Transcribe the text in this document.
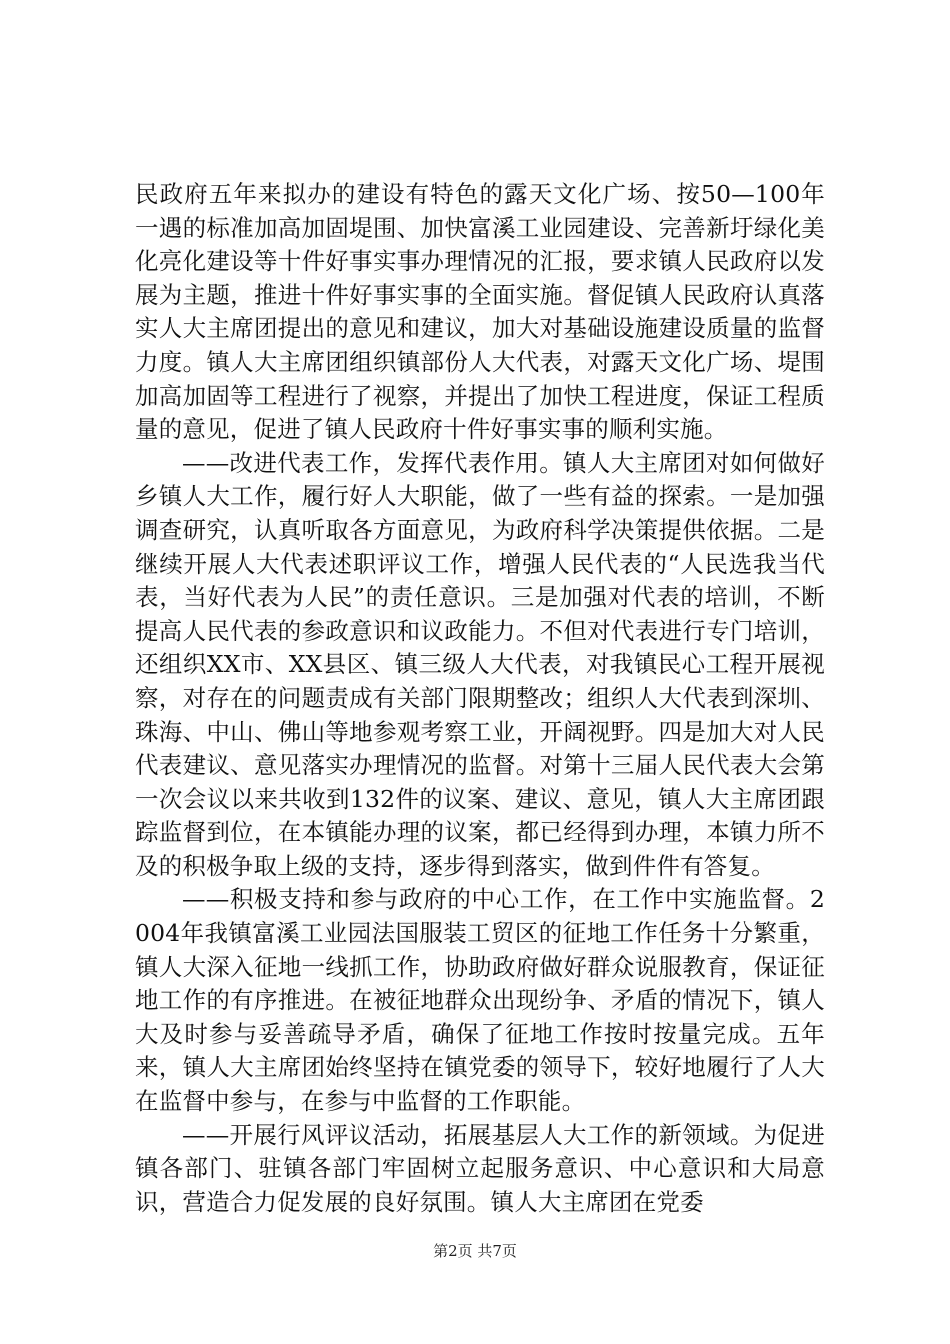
民政府五年来拟办的建设有特色的露天文化广场、按50—100年一遇的标准加高加固堤围、加快富溪工业园建设、完善新圩绿化美化亮化建设等十件好事实事办理情况的汇报，要求镇人民政府以发展为主题，推进十件好事实事的全面实施。督促镇人民政府认真落实人大主席团提出的意见和建议，加大对基础设施建设质量的监督力度。镇人大主席团组织镇部份人大代表，对露天文化广场、堤围加高加固等工程进行了视察，并提出了加快工程进度，保证工程质量的意见，促进了镇人民政府十件好事实事的顺利实施。

——改进代表工作，发挥代表作用。镇人大主席团对如何做好乡镇人大工作，履行好人大职能，做了一些有益的探索。一是加强调查研究，认真听取各方面意见，为政府科学决策提供依据。二是继续开展人大代表述职评议工作，增强人民代表的“人民选我当代表，当好代表为人民”的责任意识。三是加强对代表的培训，不断提高人民代表的参政意识和议政能力。不但对代表进行专门培训，还组织XX市、XX县区、镇三级人大代表，对我镇民心工程开展视察，对存在的问题责成有关部门限期整改；组织人大代表到深圳、珠海、中山、佛山等地参观考察工业，开阔视野。四是加大对人民代表建议、意见落实办理情况的监督。对第十三届人民代表大会第一次会议以来共收到132件的议案、建议、意见，镇人大主席团跟踪监督到位，在本镇能办理的议案，都已经得到办理，本镇力所不及的积极争取上级的支持，逐步得到落实，做到件件有答复。

——积极支持和参与政府的中心工作，在工作中实施监督。2004年我镇富溪工业园法国服装工贸区的征地工作任务十分繁重，镇人大深入征地一线抓工作，协助政府做好群众说服教育，保证征地工作的有序推进。在被征地群众出现纷争、矛盾的情况下，镇人大及时参与妥善疏导矛盾，确保了征地工作按时按量完成。五年来，镇人大主席团始终坚持在镇党委的领导下，较好地履行了人大在监督中参与，在参与中监督的工作职能。

——开展行风评议活动，拓展基层人大工作的新领域。为促进镇各部门、驻镇各部门牢固树立起服务意识、中心意识和大局意识，营造合力促发展的良好氛围。镇人大主席团在党委

第2页 共7页
